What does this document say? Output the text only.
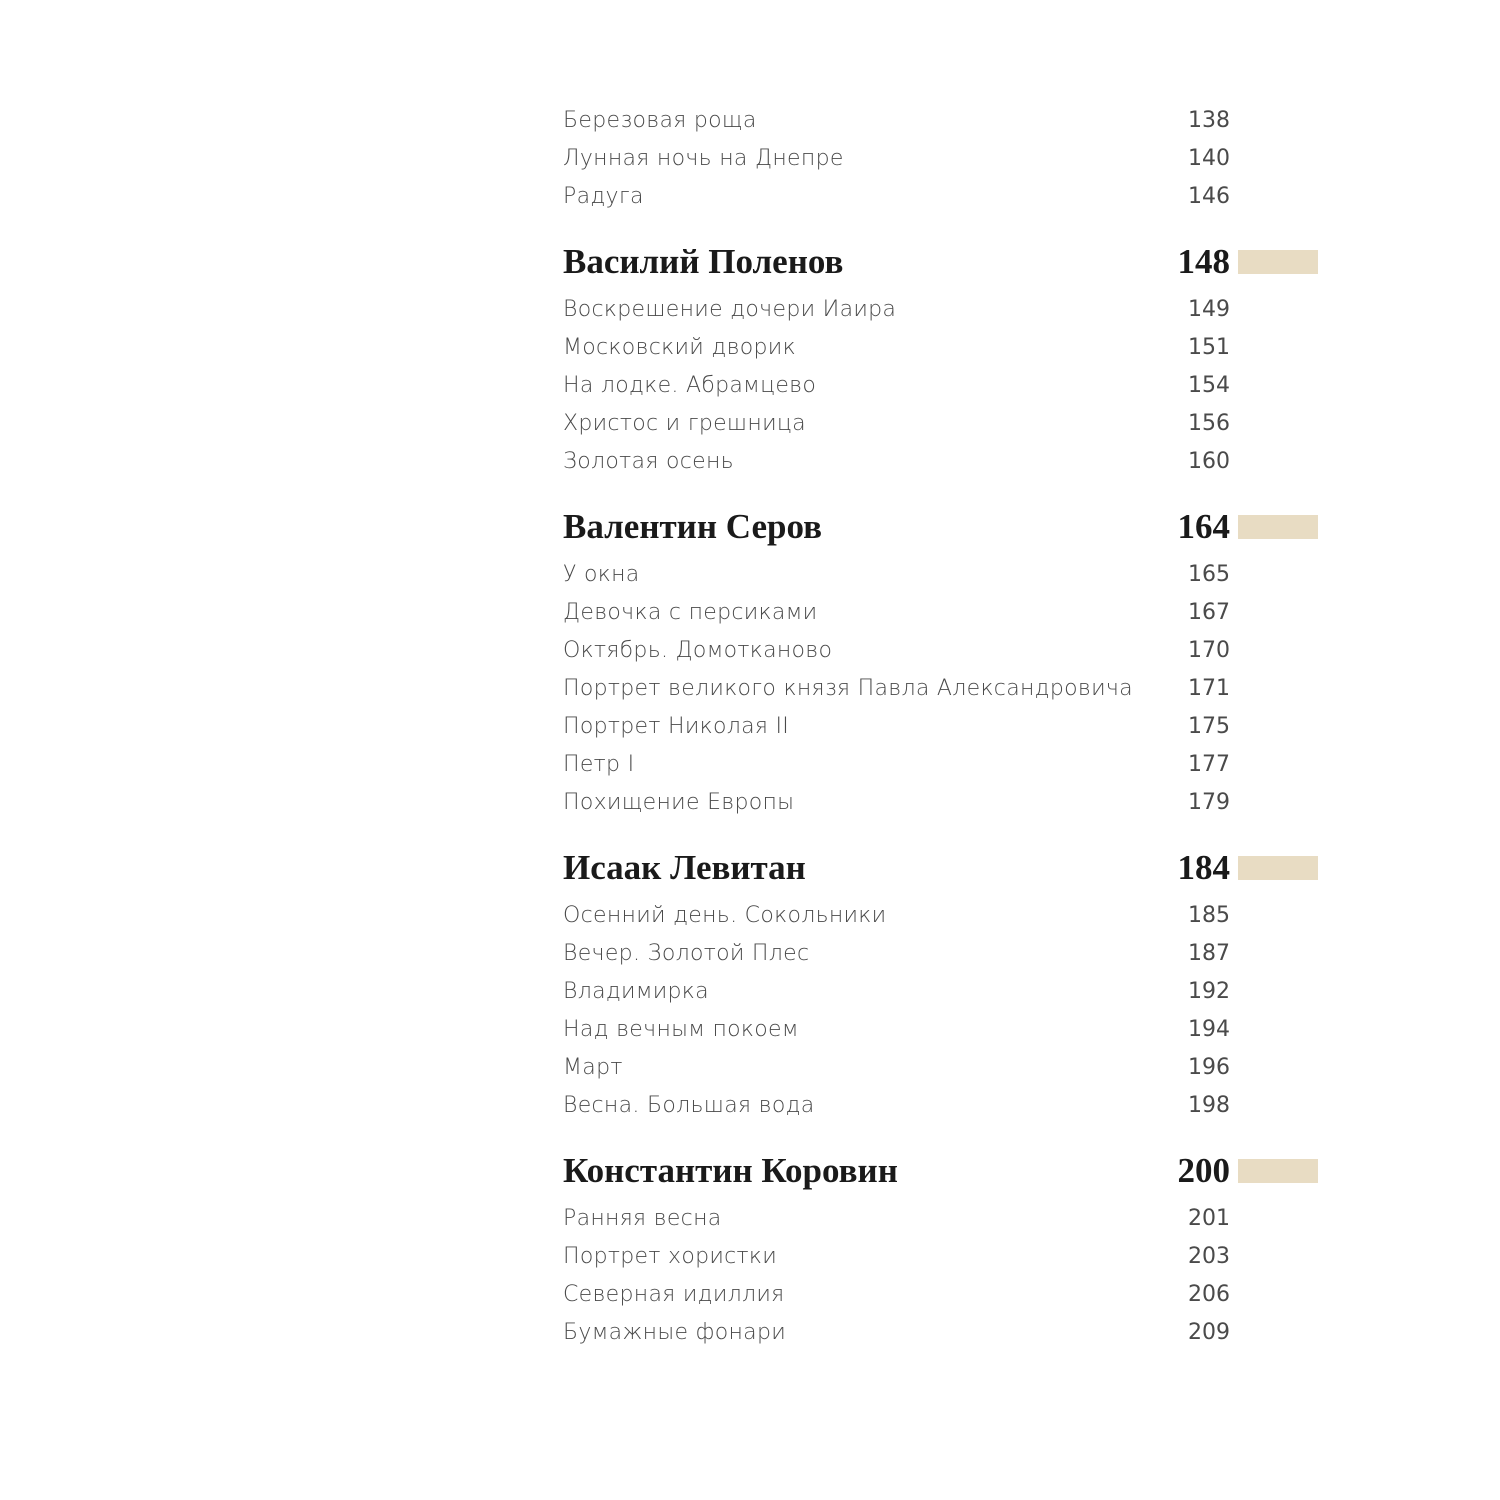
Березовая роща	138
Лунная ночь на Днепре	140
Радуга	146
Василий Поленов	148
Воскрешение дочери Иаира	149
Московский дворик	151
На лодке. Абрамцево	154
Христос и грешница	156
Золотая осень	160
Валентин Серов	164
У окна	165
Девочка с персиками	167
Октябрь. Домотканово	170
Портрет великого князя Павла Александровича	171
Портрет Николая II	175
Петр I	177
Похищение Европы	179
Исаак Левитан	184
Осенний день. Сокольники	185
Вечер. Золотой Плес	187
Владимирка	192
Над вечным покоем	194
Март	196
Весна. Большая вода	198
Константин Коровин	200
Ранняя весна	201
Портрет хористки	203
Северная идиллия	206
Бумажные фонари	209
